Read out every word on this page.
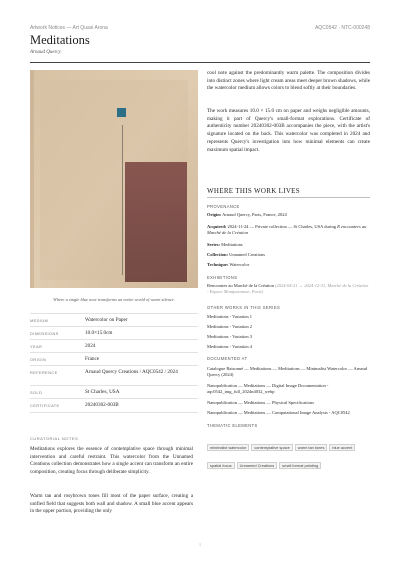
Artwork Notices — Art Quasi Arona	AQC0542 · NTC-000248
Meditations
Arnaud Quercy
Where a single blue note transforms an entire world of warm silence.
MEDIUM	Watercolor on Paper
DIMENSIONS	10.0×15.0cm
YEAR	2024
ORIGIN	France
REFERENCE	Arnaud Quercy Creations / AQC0542 / 2024
SOLD	St Charles, USA
CERTIFICATE	20240302-003B
CURATORIAL NOTES
Meditations explores the essence of contemplative space through minimal intervention and careful restraint. This watercolor from the Unnamed Creations collection demonstrates how a single accent can transform an entire composition, creating focus through deliberate simplicity.
Warm tan and rosybrown tones fill most of the paper surface, creating a unified field that suggests both wall and shadow. A small blue accent appears in the upper portion, providing the only
cool note against the predominantly warm palette. The composition divides into distinct zones where light cream areas meet deeper brown shadows, while the watercolor medium allows colors to blend softly at their boundaries.
The work measures 10.0 × 15.0 cm on paper and weighs negligible amounts, making it part of Quercy's small-format explorations. Certificate of authenticity number 20240302-003B accompanies the piece, with the artist's signature located on the back. This watercolor was completed in 2024 and represents Quercy's investigation into how minimal elements can create maximum spatial impact.
WHERE THIS WORK LIVES
PROVENANCE
Origin: Arnaud Quercy, Paris, France, 2024
Acquired: 2024-11-24 — Private collection — St Charles, USA during R encounters au Marché de la Création
Series: Meditations
Collection: Unnamed Creations
Technique: Watercolor
EXHIBITIONS
Rencontres au Marché de la Création (2024-04-21 → 2024-12-31, Marché de la Création - Espace Montparnasse, Paris)
OTHER WORKS IN THIS SERIES
Meditations - Variation 1
Meditations - Variation 2
Meditations - Variation 3
Meditations - Variation 4
DOCUMENTED AT
Catalogue Raisonné — Meditations — Meditations — Minimalist Watercolor — Arnaud Quercy (2024)
Nanopublication — Meditations — Digital Image Documentation - aqc0542_img_full_2024n4032_webp
Nanopublication — Meditations — Physical Specifications
Nanopublication — Meditations — Computational Image Analysis - AQC0542
THEMATIC ELEMENTS
minimalist watercolor contemplative space warm tan tones blue accentspatial focus Unnamed Creations small format painting
1
